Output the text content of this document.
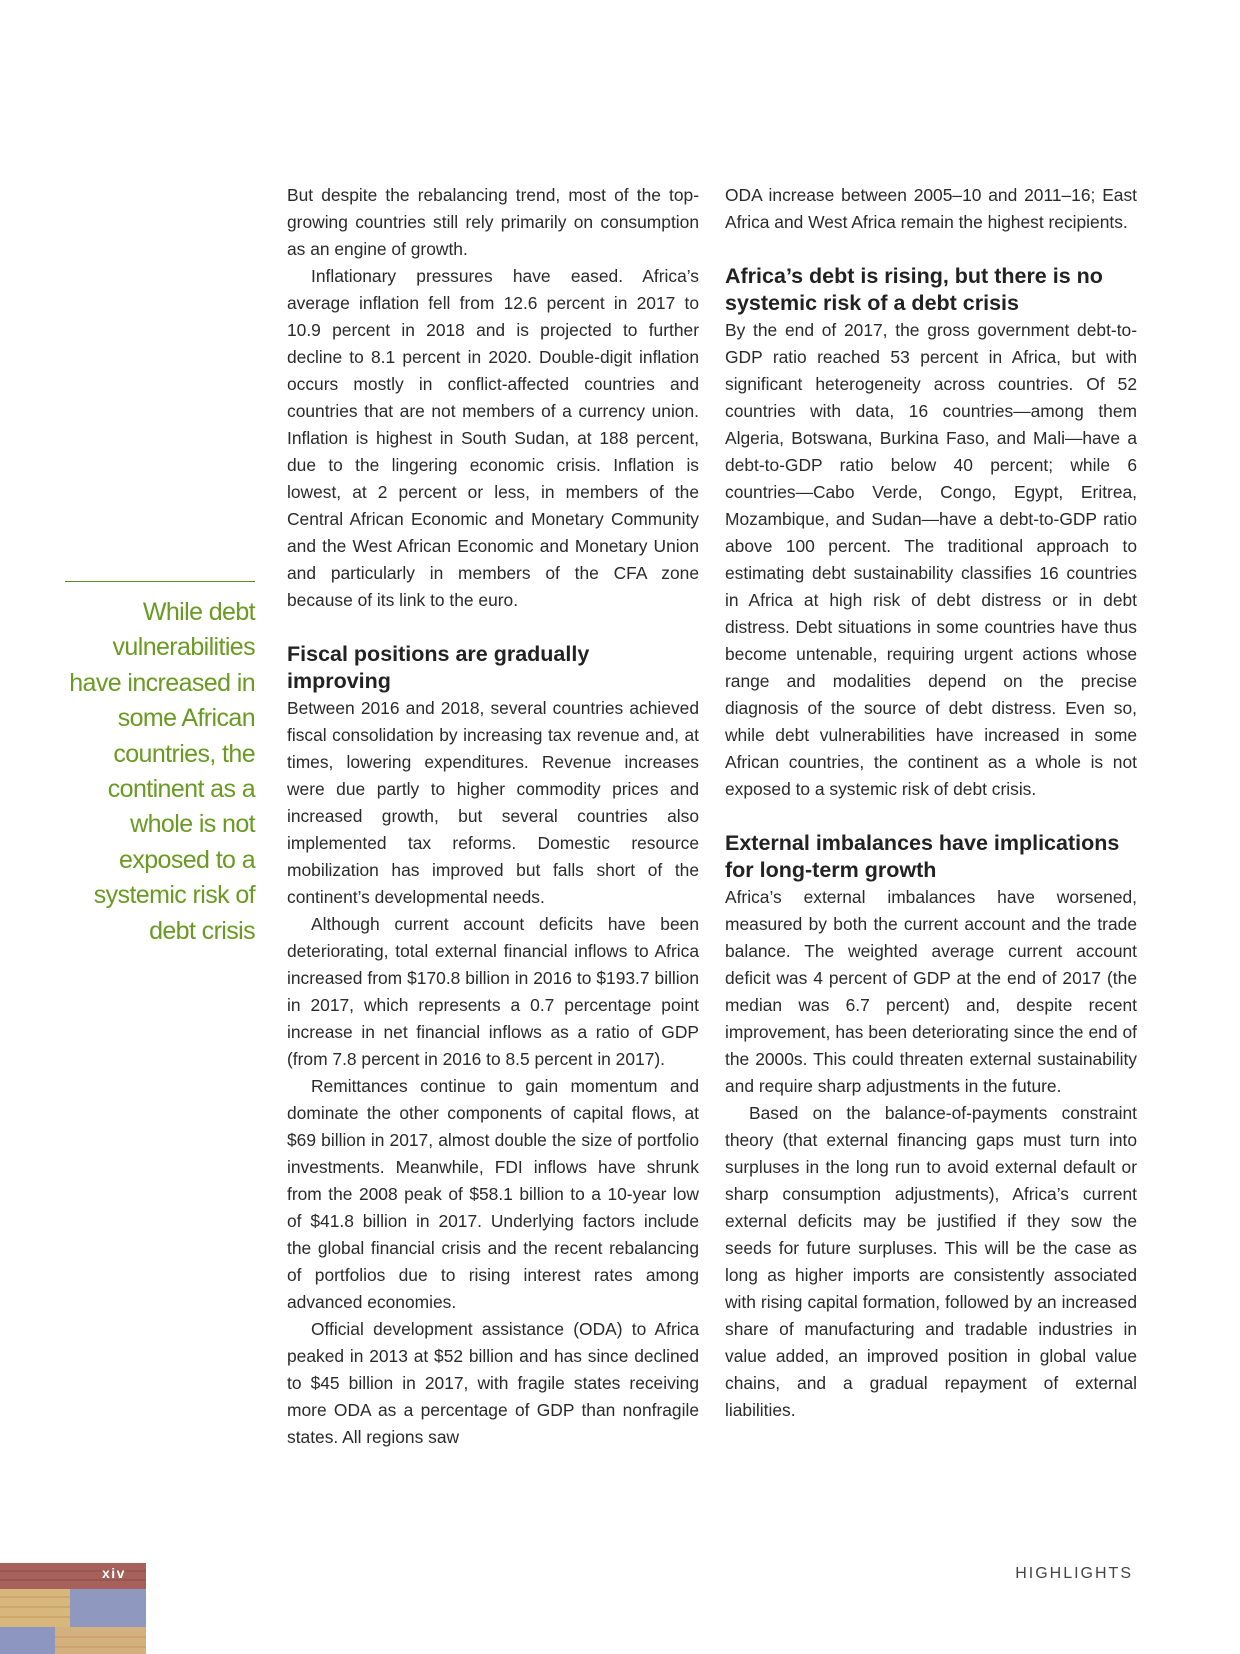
While debt vulnerabilities have increased in some African countries, the continent as a whole is not exposed to a systemic risk of debt crisis

But despite the rebalancing trend, most of the top-growing countries still rely primarily on consumption as an engine of growth.

Inflationary pressures have eased. Africa’s average inflation fell from 12.6 percent in 2017 to 10.9 percent in 2018 and is projected to further decline to 8.1 percent in 2020. Double-digit inflation occurs mostly in conflict-affected countries and countries that are not members of a currency union. Inflation is highest in South Sudan, at 188 percent, due to the lingering economic crisis. Inflation is lowest, at 2 percent or less, in members of the Central African Economic and Monetary Community and the West African Economic and Monetary Union and particularly in members of the CFA zone because of its link to the euro.

Fiscal positions are gradually improving

Between 2016 and 2018, several countries achieved fiscal consolidation by increasing tax revenue and, at times, lowering expenditures. Revenue increases were due partly to higher commodity prices and increased growth, but several countries also implemented tax reforms. Domestic resource mobilization has improved but falls short of the continent’s developmental needs.

Although current account deficits have been deteriorating, total external financial inflows to Africa increased from $170.8 billion in 2016 to $193.7 billion in 2017, which represents a 0.7 percentage point increase in net financial inflows as a ratio of GDP (from 7.8 percent in 2016 to 8.5 percent in 2017).

Remittances continue to gain momentum and dominate the other components of capital flows, at $69 billion in 2017, almost double the size of portfolio investments. Meanwhile, FDI inflows have shrunk from the 2008 peak of $58.1 billion to a 10-year low of $41.8 billion in 2017. Underlying factors include the global financial crisis and the recent rebalancing of portfolios due to rising interest rates among advanced economies.

Official development assistance (ODA) to Africa peaked in 2013 at $52 billion and has since declined to $45 billion in 2017, with fragile states receiving more ODA as a percentage of GDP than nonfragile states. All regions saw

ODA increase between 2005–10 and 2011–16; East Africa and West Africa remain the highest recipients.

Africa’s debt is rising, but there is no systemic risk of a debt crisis

By the end of 2017, the gross government debt-to-GDP ratio reached 53 percent in Africa, but with significant heterogeneity across countries. Of 52 countries with data, 16 countries—among them Algeria, Botswana, Burkina Faso, and Mali—have a debt-to-GDP ratio below 40 percent; while 6 countries—Cabo Verde, Congo, Egypt, Eritrea, Mozambique, and Sudan—have a debt-to-GDP ratio above 100 percent. The traditional approach to estimating debt sustainability classifies 16 countries in Africa at high risk of debt distress or in debt distress. Debt situations in some countries have thus become untenable, requiring urgent actions whose range and modalities depend on the precise diagnosis of the source of debt distress. Even so, while debt vulnerabilities have increased in some African countries, the continent as a whole is not exposed to a systemic risk of debt crisis.

External imbalances have implications for long-term growth

Africa’s external imbalances have worsened, measured by both the current account and the trade balance. The weighted average current account deficit was 4 percent of GDP at the end of 2017 (the median was 6.7 percent) and, despite recent improvement, has been deteriorating since the end of the 2000s. This could threaten external sustainability and require sharp adjustments in the future.

Based on the balance-of-payments constraint theory (that external financing gaps must turn into surpluses in the long run to avoid external default or sharp consumption adjustments), Africa’s current external deficits may be justified if they sow the seeds for future surpluses. This will be the case as long as higher imports are consistently associated with rising capital formation, followed by an increased share of manufacturing and tradable industries in value added, an improved position in global value chains, and a gradual repayment of external liabilities.

xiv	HIGHLIGHTS
